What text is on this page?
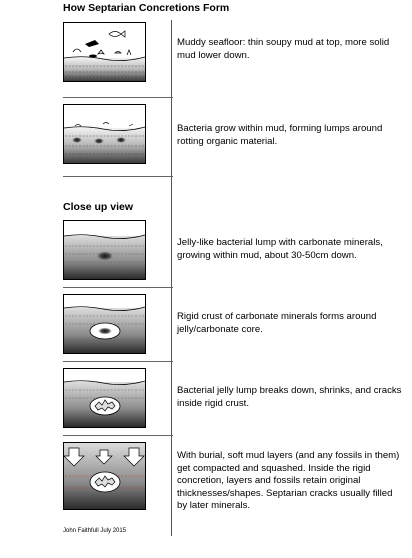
How Septarian Concretions Form
Muddy seafloor: thin soupy mud at top, more solid mud lower down.
Bacteria grow within mud, forming lumps around rotting organic material.
Close up view
Jelly-like bacterial lump with carbonate minerals, growing within mud, about 30-50cm down.
Rigid crust of carbonate minerals forms around jelly/carbonate core.
Bacterial jelly lump breaks down, shrinks, and cracks inside rigid crust.
With burial, soft mud layers (and any fossils in them) get compacted and squashed. Inside the rigid concretion, layers and fossils retain original thicknesses/shapes. Septarian cracks usually filled by later minerals.
John Faithfull July 2015
